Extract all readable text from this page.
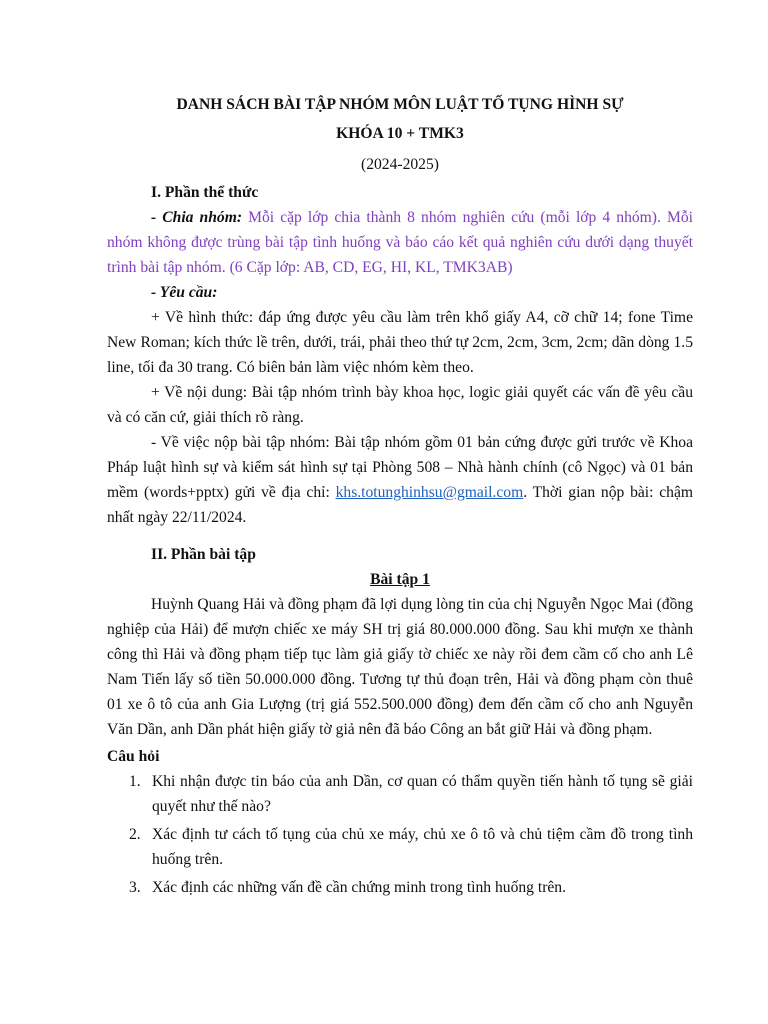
DANH SÁCH BÀI TẬP NHÓM MÔN LUẬT TỐ TỤNG HÌNH SỰ
KHÓA 10 + TMK3
(2024-2025)
I. Phần thể thức

- Chia nhóm: Mỗi cặp lớp chia thành 8 nhóm nghiên cứu (mỗi lớp 4 nhóm). Mỗi nhóm không được trùng bài tập tình huống và báo cáo kết quả nghiên cứu dưới dạng thuyết trình bài tập nhóm. (6 Cặp lớp: AB, CD, EG, HI, KL, TMK3AB)

- Yêu cầu:

+ Về hình thức: đáp ứng được yêu cầu làm trên khổ giấy A4, cỡ chữ 14; fone Time New Roman; kích thức lề trên, dưới, trái, phải theo thứ tự 2cm, 2cm, 3cm, 2cm; dãn dòng 1.5 line, tối đa 30 trang. Có biên bản làm việc nhóm kèm theo.

+ Về nội dung: Bài tập nhóm trình bày khoa học, logic giải quyết các vấn đề yêu cầu và có căn cứ, giải thích rõ ràng.

- Về việc nộp bài tập nhóm: Bài tập nhóm gồm 01 bản cứng được gửi trước về Khoa Pháp luật hình sự và kiểm sát hình sự tại Phòng 508 – Nhà hành chính (cô Ngọc) và 01 bản mềm (words+pptx) gửi về địa chỉ: khs.totunghinhsu@gmail.com. Thời gian nộp bài: chậm nhất ngày 22/11/2024.

II. Phần bài tập
Bài tập 1

Huỳnh Quang Hải và đồng phạm đã lợi dụng lòng tin của chị Nguyễn Ngọc Mai (đồng nghiệp của Hải) để mượn chiếc xe máy SH trị giá 80.000.000 đồng. Sau khi mượn xe thành công thì Hải và đồng phạm tiếp tục làm giả giấy tờ chiếc xe này rồi đem cầm cố cho anh Lê Nam Tiến lấy số tiền 50.000.000 đồng. Tương tự thủ đoạn trên, Hải và đồng phạm còn thuê 01 xe ô tô của anh Gia Lượng (trị giá 552.500.000 đồng) đem đến cầm cố cho anh Nguyễn Văn Dần, anh Dần phát hiện giấy tờ giả nên đã báo Công an bắt giữ Hải và đồng phạm.

Câu hỏi
1. Khi nhận được tin báo của anh Dần, cơ quan có thẩm quyền tiến hành tố tụng sẽ giải quyết như thế nào?
2. Xác định tư cách tố tụng của chủ xe máy, chủ xe ô tô và chủ tiệm cầm đồ trong tình huống trên.
3. Xác định các những vấn đề cần chứng minh trong tình huống trên.
